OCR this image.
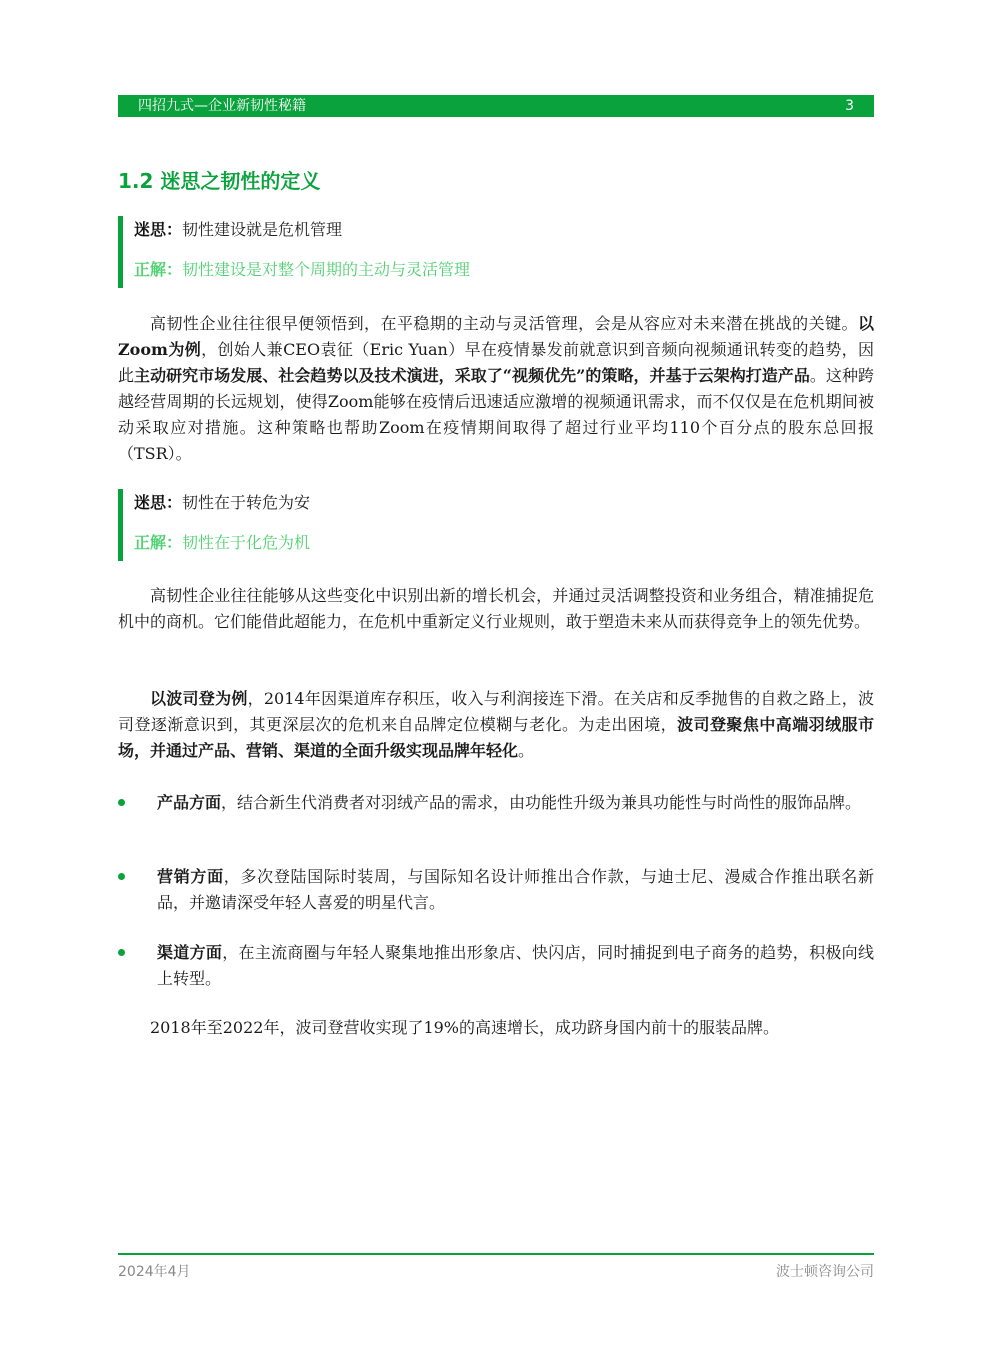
四招九式—企业新韧性秘籍	3
1.2 迷思之韧性的定义
迷思：韧性建设就是危机管理
正解：韧性建设是对整个周期的主动与灵活管理
高韧性企业往往很早便领悟到，在平稳期的主动与灵活管理，会是从容应对未来潜在挑战的关键。以Zoom为例，创始人兼CEO袁征（Eric Yuan）早在疫情暴发前就意识到音频向视频通讯转变的趋势，因此主动研究市场发展、社会趋势以及技术演进，采取了“视频优先”的策略，并基于云架构打造产品。这种跨越经营周期的长远规划，使得Zoom能够在疫情后迅速适应激增的视频通讯需求，而不仅仅是在危机期间被动采取应对措施。这种策略也帮助Zoom在疫情期间取得了超过行业平均110个百分点的股东总回报（TSR）。
迷思：韧性在于转危为安
正解：韧性在于化危为机
高韧性企业往往能够从这些变化中识别出新的增长机会，并通过灵活调整投资和业务组合，精准捕捉危机中的商机。它们能借此超能力，在危机中重新定义行业规则，敢于塑造未来从而获得竞争上的领先优势。
以波司登为例，2014年因渠道库存积压，收入与利润接连下滑。在关店和反季抛售的自救之路上，波司登逐渐意识到，其更深层次的危机来自品牌定位模糊与老化。为走出困境，波司登聚焦中高端羽绒服市场，并通过产品、营销、渠道的全面升级实现品牌年轻化。
产品方面，结合新生代消费者对羽绒产品的需求，由功能性升级为兼具功能性与时尚性的服饰品牌。
营销方面，多次登陆国际时装周，与国际知名设计师推出合作款，与迪士尼、漫威合作推出联名新品，并邀请深受年轻人喜爱的明星代言。
渠道方面，在主流商圈与年轻人聚集地推出形象店、快闪店，同时捕捉到电子商务的趋势，积极向线上转型。
2018年至2022年，波司登营收实现了19%的高速增长，成功跻身国内前十的服装品牌。
2024年4月	波士顿咨询公司
